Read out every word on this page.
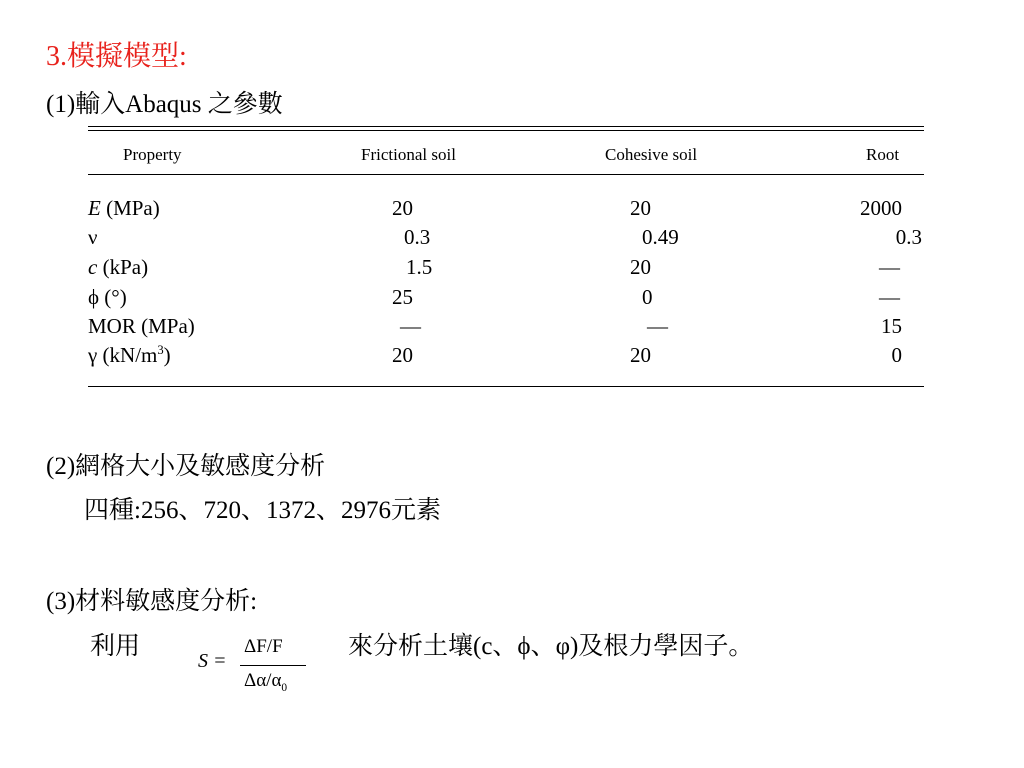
3.模擬模型:
(1)輸入Abaqus 之參數
Property	Frictional soil	Cohesive soil	Root
E (MPa)	20	20	2000
ν	0.3	0.49	0.3
c (kPa)	1.5	20	—
ϕ (°)	25	0	—
MOR (MPa)	—	—	15
γ $(kN/m^3)$	20	20	0
(2)網格大小及敏感度分析
四種:256、720、1372、2976元素
(3)材料敏感度分析:
利用
S =
ΔF/F
$\Delta\alpha/\alpha_0$
來分析土壤(c、ϕ、φ)及根力學因子。
